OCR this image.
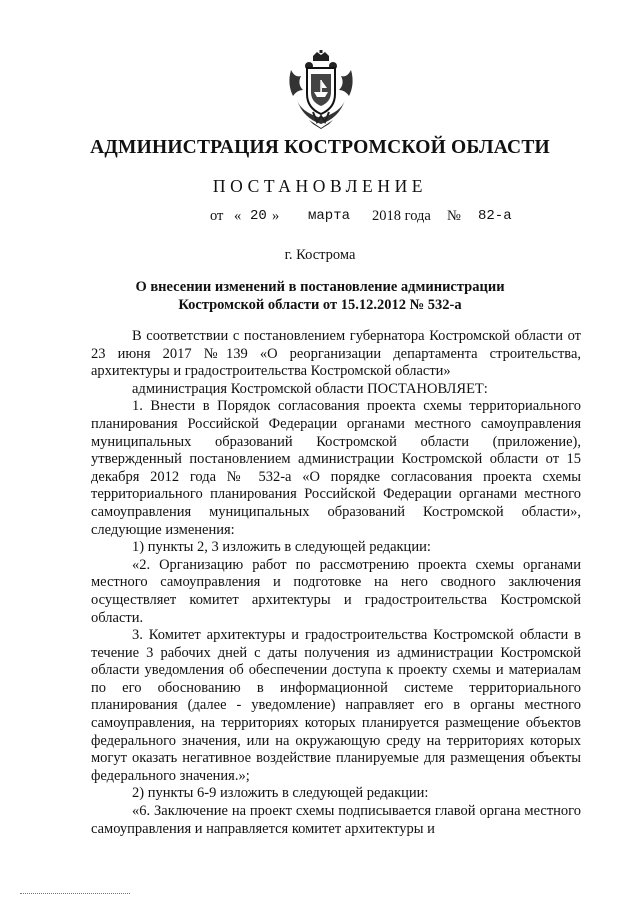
АДМИНИСТРАЦИЯ КОСТРОМСКОЙ ОБЛАСТИ
ПОСТАНОВЛЕНИЕ
от « 20 » марта 2018 года № 82-а
г. Кострома
О внесении изменений в постановление администрации
Костромской области от 15.12.2012 № 532-а

В соответствии с постановлением губернатора Костромской области от 23 июня 2017 №139 «О реорганизации департамента строительства, архитектуры и градостроительства Костромской области»

администрация Костромской области ПОСТАНОВЛЯЕТ:

1. Внести в Порядок согласования проекта схемы территориального планирования Российской Федерации органами местного самоуправления муниципальных образований Костромской области (приложение), утвержденный постановлением администрации Костромской области от 15 декабря 2012 года № 532-а «О порядке согласования проекта схемы территориального планирования Российской Федерации органами местного самоуправления муниципальных образований Костромской области», следующие изменения:

1) пункты 2, 3 изложить в следующей редакции:

«2. Организацию работ по рассмотрению проекта схемы органами местного самоуправления и подготовке на него сводного заключения осуществляет комитет архитектуры и градостроительства Костромской области.

3. Комитет архитектуры и градостроительства Костромской области в течение 3 рабочих дней с даты получения из администрации Костромской области уведомления об обеспечении доступа к проекту схемы и материалам по его обоснованию в информационной системе территориального планирования (далее - уведомление) направляет его в органы местного самоуправления, на территориях которых планируется размещение объектов федерального значения, или на окружающую среду на территориях которых могут оказать негативное воздействие планируемые для размещения объекты федерального значения.»;

2) пункты 6-9 изложить в следующей редакции:

«6. Заключение на проект схемы подписывается главой органа местного самоуправления и направляется комитет архитектуры и
